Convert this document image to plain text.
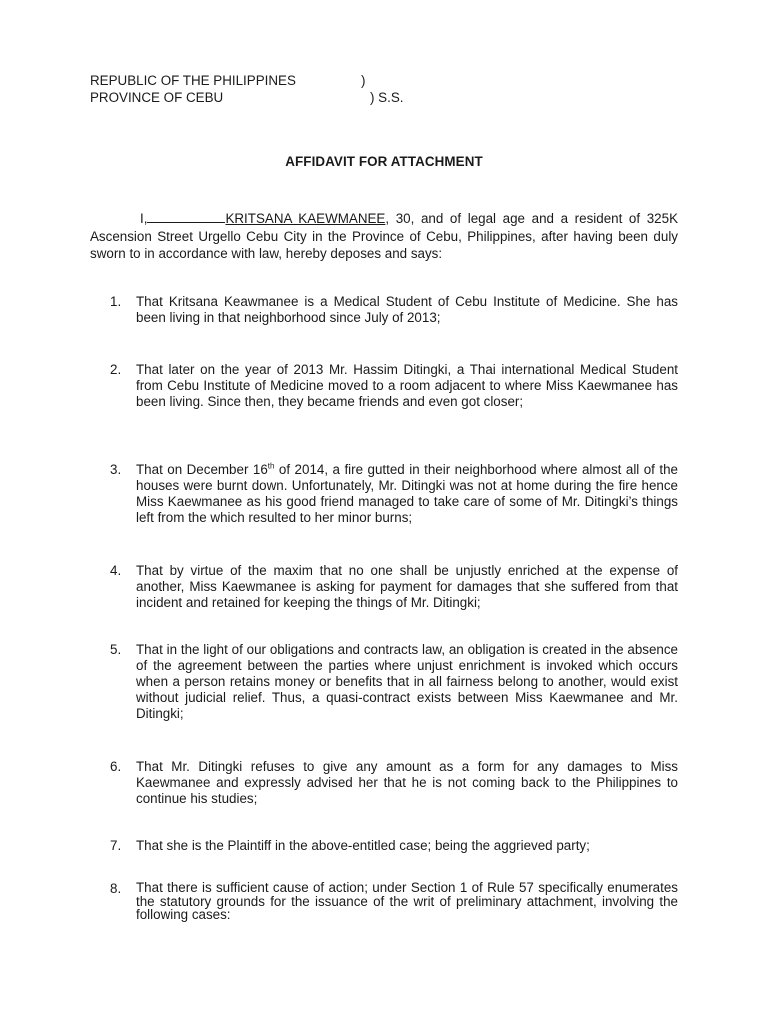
REPUBLIC OF THE PHILIPPINES	)
PROVINCE OF CEBU	) S.S.
AFFIDAVIT FOR ATTACHMENT
I,	KRITSANA KAEWMANEE, 30, and of legal age and a resident of 325K Ascension Street Urgello Cebu City in the Province of Cebu, Philippines, after having been duly sworn to in accordance with law, hereby deposes and says:
1.	That Kritsana Keawmanee is a Medical Student of Cebu Institute of Medicine. She has been living in that neighborhood since July of 2013;
2.	That later on the year of 2013 Mr. Hassim Ditingki, a Thai international Medical Student from Cebu Institute of Medicine moved to a room adjacent to where Miss Kaewmanee has been living. Since then, they became friends and even got closer;
3.	That on December 16th of 2014, a fire gutted in their neighborhood where almost all of the houses were burnt down. Unfortunately, Mr. Ditingki was not at home during the fire hence Miss Kaewmanee as his good friend managed to take care of some of Mr. Ditingki’s things left from the which resulted to her minor burns;
4.	That by virtue of the maxim that no one shall be unjustly enriched at the expense of another, Miss Kaewmanee is asking for payment for damages that she suffered from that incident and retained for keeping the things of Mr. Ditingki;
5.	That in the light of our obligations and contracts law, an obligation is created in the absence of the agreement between the parties where unjust enrichment is invoked which occurs when a person retains money or benefits that in all fairness belong to another, would exist without judicial relief. Thus, a quasi-contract exists between Miss Kaewmanee and Mr. Ditingki;
6.	That Mr. Ditingki refuses to give any amount as a form for any damages to Miss Kaewmanee and expressly advised her that he is not coming back to the Philippines to continue his studies;
7.	That she is the Plaintiff in the above-entitled case; being the aggrieved party;
8.	That there is sufficient cause of action; under Section 1 of Rule 57 specifically enumerates the statutory grounds for the issuance of the writ of preliminary attachment, involving the following cases:
